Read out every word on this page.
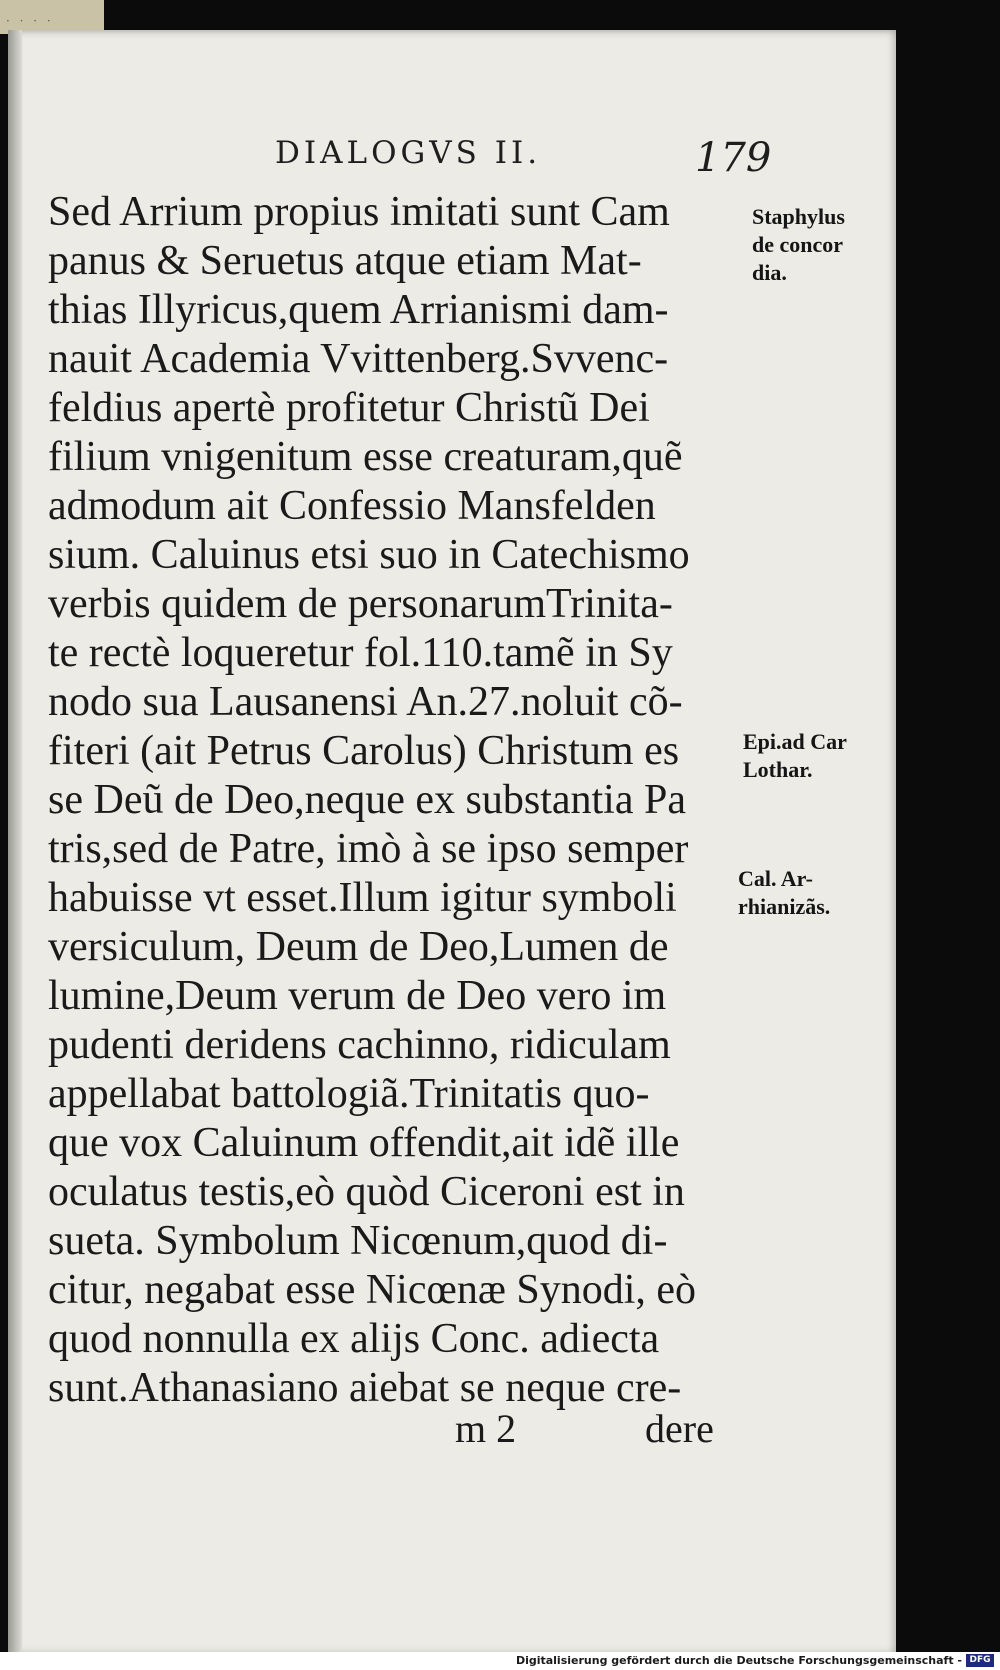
· · · ·
DIALOGVS II.	179
Sed Arrium propius imitati sunt Cam
panus & Seruetus atque etiam Mat-
thias Illyricus,quem Arrianismi dam-
nauit Academia Vvittenberg.Svvenc-
feldius apertè profitetur Christũ Dei
filium vnigenitum esse creaturam,quẽ
admodum ait Confessio Mansfelden
sium. Caluinus etsi suo in Catechismo
verbis quidem de personarumTrinita-
te rectè loqueretur fol.110.tamẽ in Sy
nodo sua Lausanensi An.27.noluit cõ-
fiteri (ait Petrus Carolus) Christum es
se Deũ de Deo,neque ex substantia Pa
tris,sed de Patre, imò à se ipso semper
habuisse vt esset.Illum igitur symboli
versiculum, Deum de Deo,Lumen de
lumine,Deum verum de Deo vero im
pudenti deridens cachinno, ridiculam
appellabat battologiã.Trinitatis quo-
que vox Caluinum offendit,ait idẽ ille
oculatus testis,eò quòd Ciceroni est in
sueta. Symbolum Nicœnum,quod di-
citur, negabat esse Nicœnæ Synodi, eò
quod nonnulla ex alijs Conc. adiecta
sunt.Athanasiano aiebat se neque cre-
Staphylus
de concor
dia.
Epi.ad Car
Lothar.
Cal. Ar-
rhianizãs.
m 2	dere
Digitalisierung gefördert durch die Deutsche Forschungsgemeinschaft - DFG
